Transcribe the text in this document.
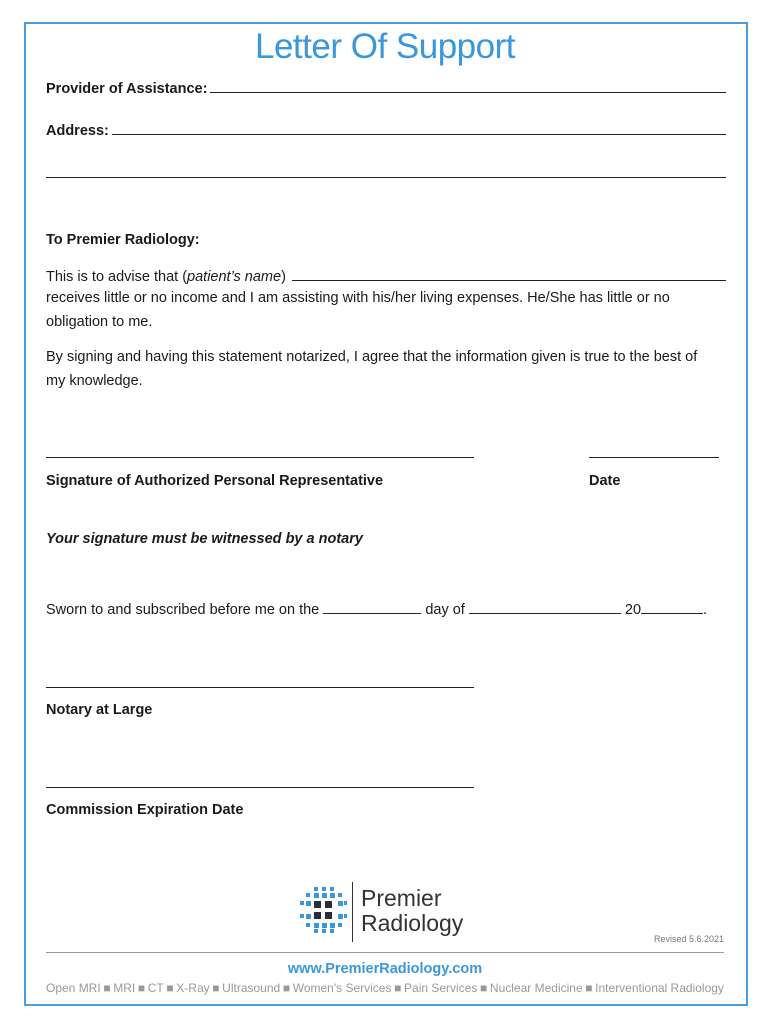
Letter Of Support
Provider of Assistance:
Address:
To Premier Radiology:
This is to advise that ( patient’s name )
receives little or no income and I am assisting with his/her living expenses. He/She has little or no
obligation to me.
By signing and having this statement notarized, I agree that the information given is true to the best of
my knowledge.
Signature of Authorized Personal Representative	Date
Your signature must be witnessed by a notary
Sworn to and subscribed before me on the	day of	20	.
Notary at Large
Commission Expiration Date
Premier
Radiology
Revised 5.6.2021
www.PremierRadiology.com
Open MRI ■ MRI ■ CT ■ X-Ray ■ Ultrasound ■ Women's Services ■ Pain Services ■ Nuclear Medicine ■ Interventional Radiology
